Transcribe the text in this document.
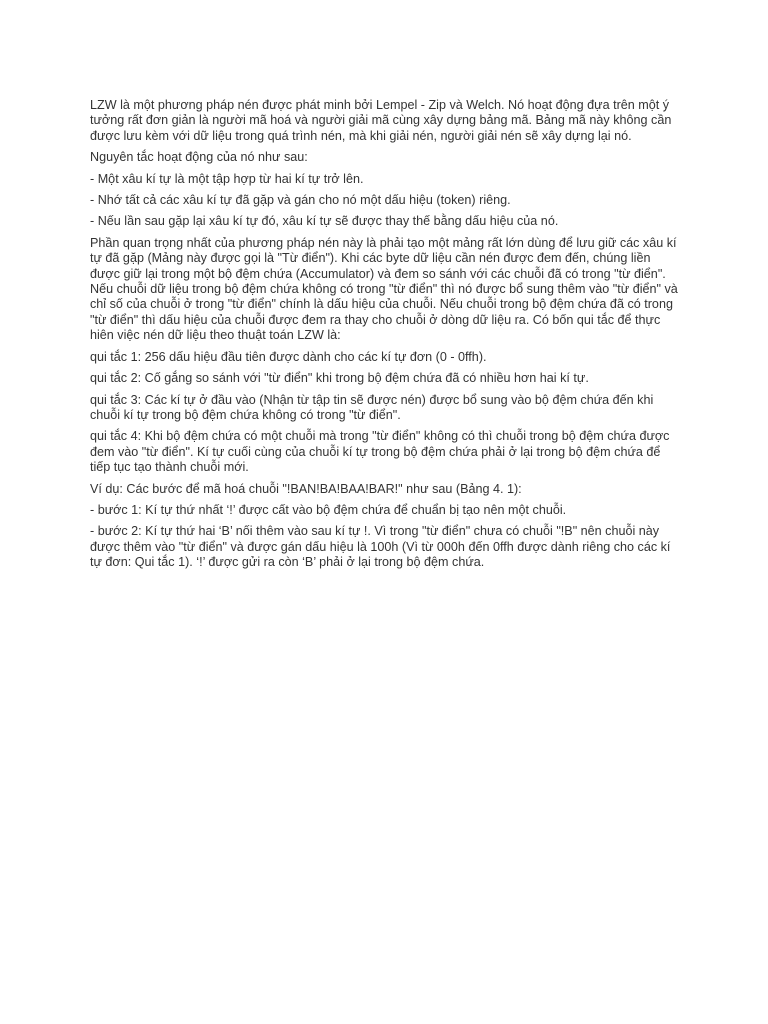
LZW là một phương pháp nén được phát minh bởi Lempel - Zip và Welch. Nó hoạt động đựa trên một ý tưởng rất đơn giản là người mã hoá và người giải mã cùng xây dựng bảng mã. Bảng mã này không cần được lưu kèm với dữ liệu trong quá trình nén, mà khi giải nén, người giải nén sẽ xây dựng lại nó.

Nguyên tắc hoạt động của nó như sau:

- Một xâu kí tự là một tập hợp từ hai kí tự trở lên.

- Nhớ tất cả các xâu kí tự đã gặp và gán cho nó một dấu hiệu (token) riêng.

- Nếu lần sau gặp lại xâu kí tự đó, xâu kí tự sẽ được thay thế bằng dấu hiệu của nó.

Phần quan trọng nhất của phương pháp nén này là phải tạo một mảng rất lớn dùng để lưu giữ các xâu kí tự đã gặp (Mảng này được gọi là "Từ điển"). Khi các byte dữ liệu cần nén được đem đến, chúng liền được giữ lại trong một bộ đệm chứa (Accumulator) và đem so sánh với các chuỗi đã có trong "từ điển". Nếu chuỗi dữ liệu trong bộ đệm chứa không có trong "từ điển" thì nó được bổ sung thêm vào "từ điển" và chỉ số của chuỗi ở trong "từ điển" chính là dấu hiệu của chuỗi. Nếu chuỗi trong bộ đệm chứa đã có trong "từ điển" thì dấu hiệu của chuỗi được đem ra thay cho chuỗi ở dòng dữ liệu ra. Có bốn qui tắc để thực hiên việc nén dữ liệu theo thuật toán LZW là:

qui tắc 1: 256 dấu hiệu đầu tiên được dành cho các kí tự đơn (0 - 0ffh).

qui tắc 2: Cố gắng so sánh với "từ điển" khi trong bộ đệm chứa đã có nhiều hơn hai kí tự.

qui tắc 3: Các kí tự ở đầu vào (Nhận từ tập tin sẽ được nén) được bổ sung vào bộ đệm chứa đến khi chuỗi kí tự trong bộ đệm chứa không có trong "từ điển".

qui tắc 4: Khi bộ đệm chứa có một chuỗi mà trong "từ điển" không có thì chuỗi trong bộ đệm chứa được đem vào "từ điển". Kí tự cuối cùng của chuỗi kí tự trong bộ đệm chứa phải ở lại trong bộ đệm chứa để tiếp tục tạo thành chuỗi mới.

Ví dụ: Các bước để mã hoá chuỗi "!BAN!BA!BAA!BAR!" như sau (Bảng 4. 1):

- bước 1: Kí tự thứ nhất ‘!’ được cất vào bộ đệm chứa để chuẩn bị tạo nên một chuỗi.

- bước 2: Kí tự thứ hai ‘B’ nối thêm vào sau kí tự !. Vì trong "từ điển" chưa có chuỗi "!B" nên chuỗi này được thêm vào "từ điển" và được gán dấu hiệu là 100h (Vì từ 000h đến 0ffh được dành riêng cho các kí tự đơn: Qui tắc 1). ‘!’ được gửi ra còn ‘B’ phải ở lại trong bộ đệm chứa.
